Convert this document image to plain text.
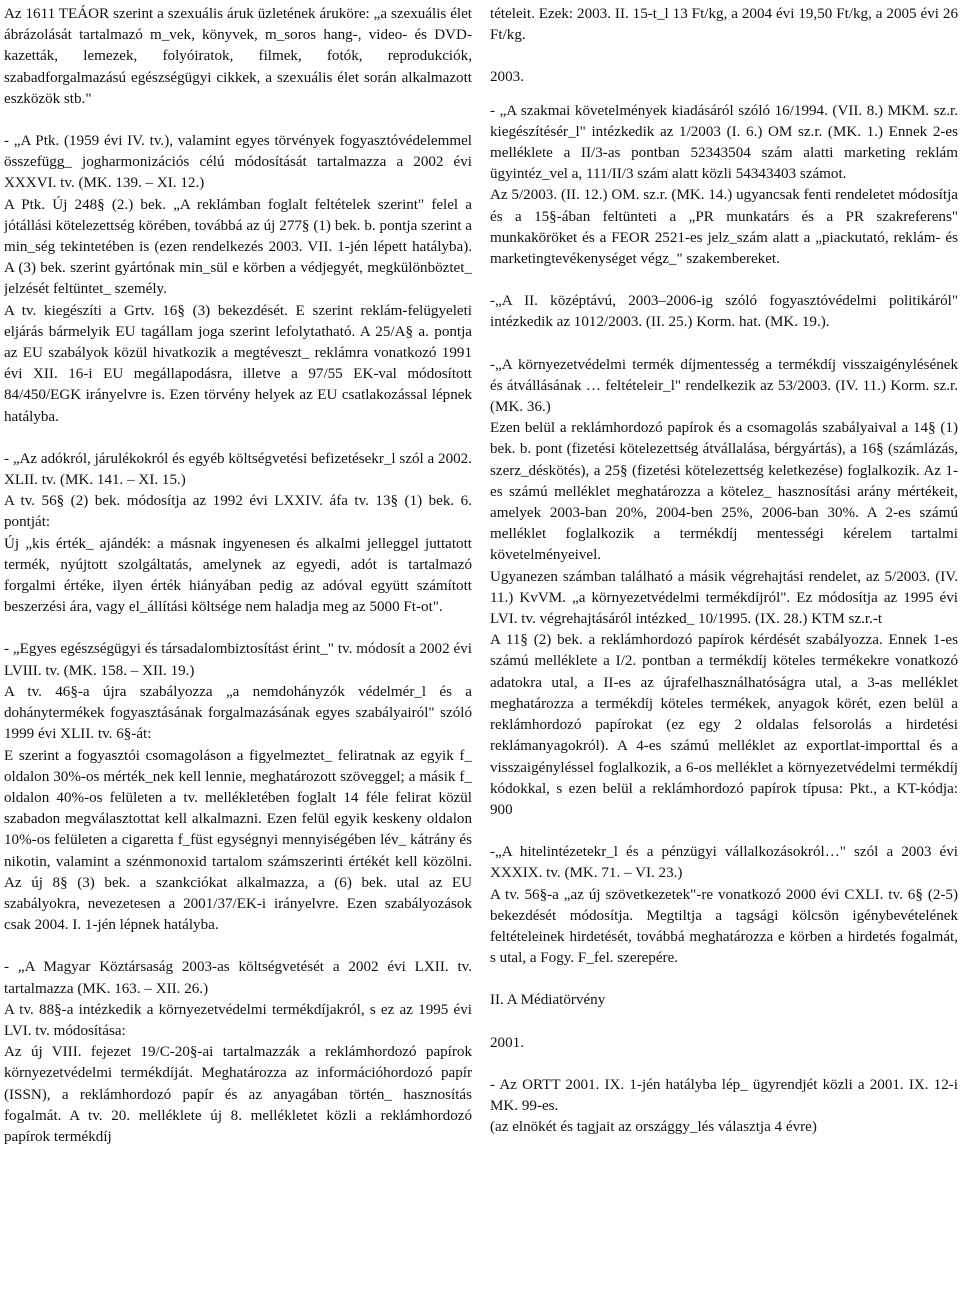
Az 1611 TEÁOR szerint a szexuális áruk üzletének áruköre: „a szexuális élet ábrázolását tartalmazó m_vek, könyvek, m_soros hang-, video- és DVD- kazetták, lemezek, folyóiratok, filmek, fotók, reprodukciók, szabadforgalmazású egészségügyi cikkek, a szexuális élet során alkalmazott eszközök stb."

- „A Ptk. (1959 évi IV. tv.), valamint egyes törvények fogyasztóvédelemmel összefügg_ jogharmonizációs célú módosítását tartalmazza a 2002 évi XXXVI. tv. (MK. 139. – XI. 12.)
A Ptk. Új 248§ (2.) bek. „A reklámban foglalt feltételek szerint" felel a jótállási kötelezettség körében, továbbá az új 277§ (1) bek. b. pontja szerint a min_ség tekintetében is (ezen rendelkezés 2003. VII. 1-jén lépett hatályba). A (3) bek. szerint gyártónak min_sül e körben a védjegyét, megkülönböztet_ jelzését feltüntet_ személy.
A tv. kiegészíti a Grtv. 16§ (3) bekezdését. E szerint reklám-felügyeleti eljárás bármelyik EU tagállam joga szerint lefolytatható. A 25/A§ a. pontja az EU szabályok közül hivatkozik a megtéveszt_ reklámra vonatkozó 1991 évi XII. 16-i EU megállapodásra, illetve a 97/55 EK-val módosított 84/450/EGK irányelvre is. Ezen törvény helyek az EU csatlakozással lépnek hatályba.

- „Az adókról, járulékokról és egyéb költségvetési befizetésekr_l szól a 2002. XLII. tv. (MK. 141. – XI. 15.)
A tv. 56§ (2) bek. módosítja az 1992 évi LXXIV. áfa tv. 13§ (1) bek. 6. pontját:
Új „kis érték_ ajándék: a másnak ingyenesen és alkalmi jelleggel juttatott termék, nyújtott szolgáltatás, amelynek az egyedi, adót is tartalmazó forgalmi értéke, ilyen érték hiányában pedig az adóval együtt számított beszerzési ára, vagy el_állítási költsége nem haladja meg az 5000 Ft-ot".

- „Egyes egészségügyi és társadalombiztosítást érint_" tv. módosít a 2002 évi LVIII. tv. (MK. 158. – XII. 19.)
A tv. 46§-a újra szabályozza „a nemdohányzók védelmér_l és a dohánytermékek fogyasztásának forgalmazásának egyes szabályairól" szóló 1999 évi XLII. tv. 6§-át:
E szerint a fogyasztói csomagoláson a figyelmeztet_ feliratnak az egyik f_ oldalon 30%-os mérték_nek kell lennie, meghatározott szöveggel; a másik f_ oldalon 40%-os felületen a tv. mellékletében foglalt 14 féle felirat közül szabadon megválasztottat kell alkalmazni. Ezen felül egyik keskeny oldalon 10%-os felületen a cigaretta f_füst egységnyi mennyiségében lév_ kátrány és nikotin, valamint a szénmonoxid tartalom számszerinti értékét kell közölni. Az új 8§ (3) bek. a szankciókat alkalmazza, a (6) bek. utal az EU szabályokra, nevezetesen a 2001/37/EK-i irányelvre. Ezen szabályozások csak 2004. I. 1-jén lépnek hatályba.

- „A Magyar Köztársaság 2003-as költségvetését a 2002 évi LXII. tv. tartalmazza (MK. 163. – XII. 26.)
A tv. 88§-a intézkedik a környezetvédelmi termékdíjakról, s ez az 1995 évi LVI. tv. módosítása:
Az új VIII. fejezet 19/C-20§-ai tartalmazzák a reklámhordozó papírok környezetvédelmi termékdíját. Meghatározza az információhordozó papír (ISSN), a reklámhordozó papír és az anyagában történ_ hasznosítás fogalmát. A tv. 20. melléklete új 8. mellékletet közli a reklámhordozó papírok termékdíj

tételeit. Ezek: 2003. II. 15-t_l 13 Ft/kg, a 2004 évi 19,50 Ft/kg, a 2005 évi 26 Ft/kg.

2003.

- „A szakmai követelmények kiadásáról szóló 16/1994. (VII. 8.) MKM. sz.r. kiegészítésér_l" intézkedik az 1/2003 (I. 6.) OM sz.r. (MK. 1.) Ennek 2-es melléklete a II/3-as pontban 52343504 szám alatti marketing reklám ügyintéz_vel a, 111/II/3 szám alatt közli 54343403 számot.
Az 5/2003. (II. 12.) OM. sz.r. (MK. 14.) ugyancsak fenti rendeletet módosítja és a 15§-ában feltünteti a „PR munkatárs és a PR szakreferens" munkaköröket és a FEOR 2521-es jelz_szám alatt a „piackutató, reklám- és marketingtevékenységet végz_" szakembereket.

-„A II. középtávú, 2003–2006-ig szóló fogyasztóvédelmi politikáról" intézkedik az 1012/2003. (II. 25.) Korm. hat. (MK. 19.).

-„A környezetvédelmi termék díjmentesség a termékdíj visszaigénylésének és átvállásának … feltételeir_l" rendelkezik az 53/2003. (IV. 11.) Korm. sz.r. (MK. 36.)
Ezen belül a reklámhordozó papírok és a csomagolás szabályaival a 14§ (1) bek. b. pont (fizetési kötelezettség átvállalása, bérgyártás), a 16§ (számlázás, szerz_déskötés), a 25§ (fizetési kötelezettség keletkezése) foglalkozik. Az 1-es számú melléklet meghatározza a kötelez_ hasznosítási arány mértékeit, amelyek 2003-ban 20%, 2004-ben 25%, 2006-ban 30%. A 2-es számú melléklet foglalkozik a termékdíj mentességi kérelem tartalmi követelményeivel.
Ugyanezen számban található a másik végrehajtási rendelet, az 5/2003. (IV. 11.) KvVM. „a környezetvédelmi termékdíjról". Ez módosítja az 1995 évi LVI. tv. végrehajtásáról intézked_ 10/1995. (IX. 28.) KTM sz.r.-t
A 11§ (2) bek. a reklámhordozó papírok kérdését szabályozza. Ennek 1-es számú melléklete a I/2. pontban a termékdíj köteles termékekre vonatkozó adatokra utal, a II-es az újrafelhasználhatóságra utal, a 3-as melléklet meghatározza a termékdíj köteles termékek, anyagok körét, ezen belül a reklámhordozó papírokat (ez egy 2 oldalas felsorolás a hirdetési reklámanyagokról). A 4-es számú melléklet az exportlat-importtal és a visszaigényléssel foglalkozik, a 6-os melléklet a környezetvédelmi termékdíj kódokkal, s ezen belül a reklámhordozó papírok típusa: Pkt., a KT-kódja: 900

-„A hitelintézetekr_l és a pénzügyi vállalkozásokról…" szól a 2003 évi XXXIX. tv. (MK. 71. – VI. 23.)
A tv. 56§-a „az új szövetkezetek"-re vonatkozó 2000 évi CXLI. tv. 6§ (2-5) bekezdését módosítja. Megtiltja a tagsági kölcsön igénybevételének feltételeinek hirdetését, továbbá meghatározza e körben a hirdetés fogalmát, s utal, a Fogy. F_fel. szerepére.

II. A Médiatörvény

2001.

- Az ORTT 2001. IX. 1-jén hatályba lép_ ügyrendjét közli a 2001. IX. 12-i MK. 99-es.
(az elnökét és tagjait az országgy_lés választja 4 évre)
